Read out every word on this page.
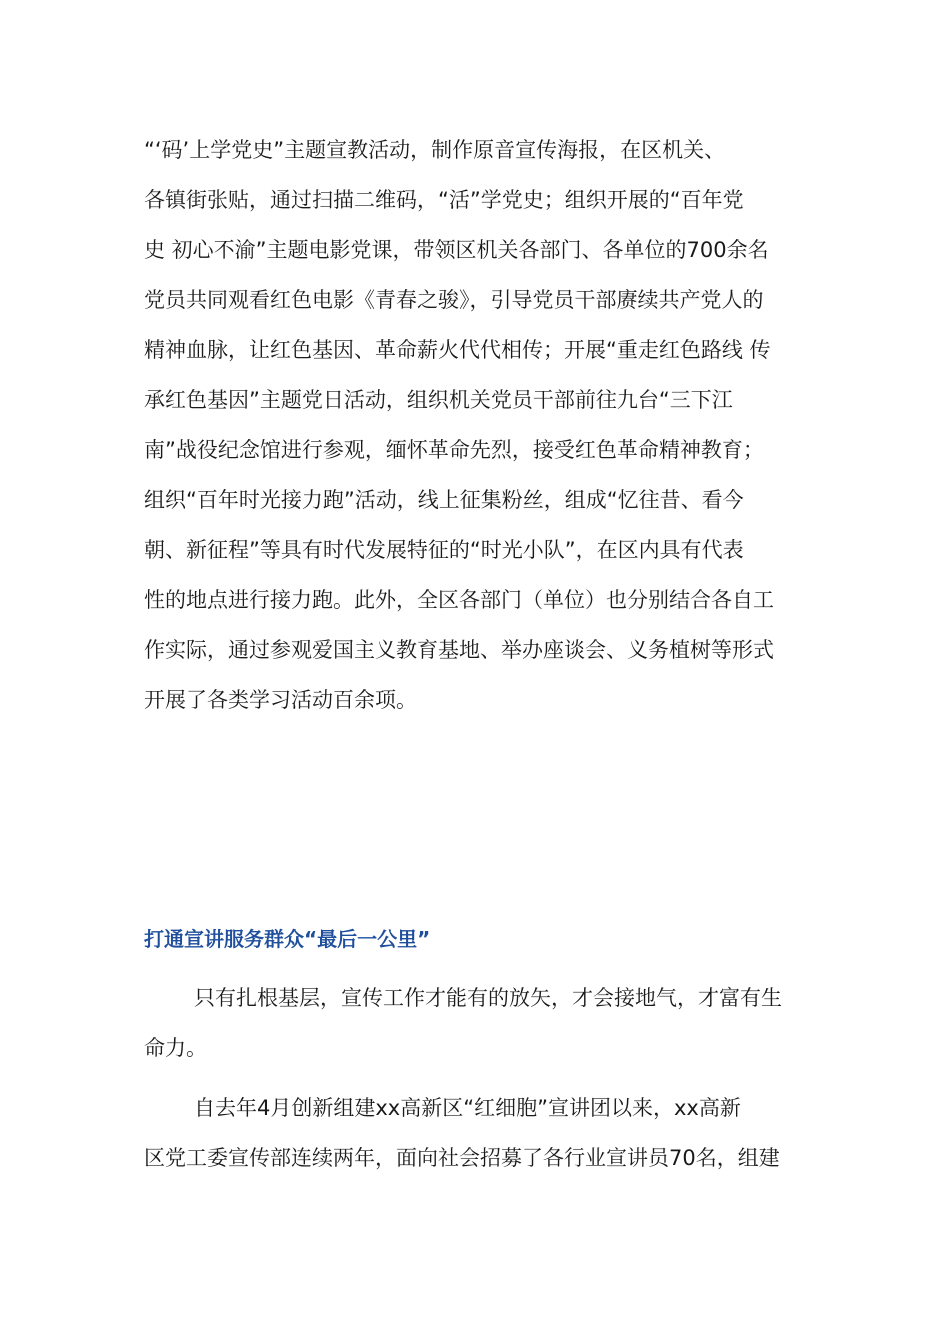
“‘码’上学党史”主题宣教活动，制作原音宣传海报，在区机关、
各镇街张贴，通过扫描二维码，“活”学党史；组织开展的“百年党
史 初心不渝”主题电影党课，带领区机关各部门、各单位的700余名
党员共同观看红色电影《青春之骏》，引导党员干部赓续共产党人的
精神血脉，让红色基因、革命薪火代代相传；开展“重走红色路线 传
承红色基因”主题党日活动，组织机关党员干部前往九台“三下江
南”战役纪念馆进行参观，缅怀革命先烈，接受红色革命精神教育；
组织“百年时光接力跑”活动，线上征集粉丝，组成“忆往昔、看今
朝、新征程”等具有时代发展特征的“时光小队”，在区内具有代表
性的地点进行接力跑。此外，全区各部门（单位）也分别结合各自工
作实际，通过参观爱国主义教育基地、举办座谈会、义务植树等形式
开展了各类学习活动百余项。
打通宣讲服务群众“最后一公里”
只有扎根基层，宣传工作才能有的放矢，才会接地气，才富有生
命力。
自去年4月创新组建xx高新区“红细胞”宣讲团以来，xx高新
区党工委宣传部连续两年，面向社会招募了各行业宣讲员70名，组建
